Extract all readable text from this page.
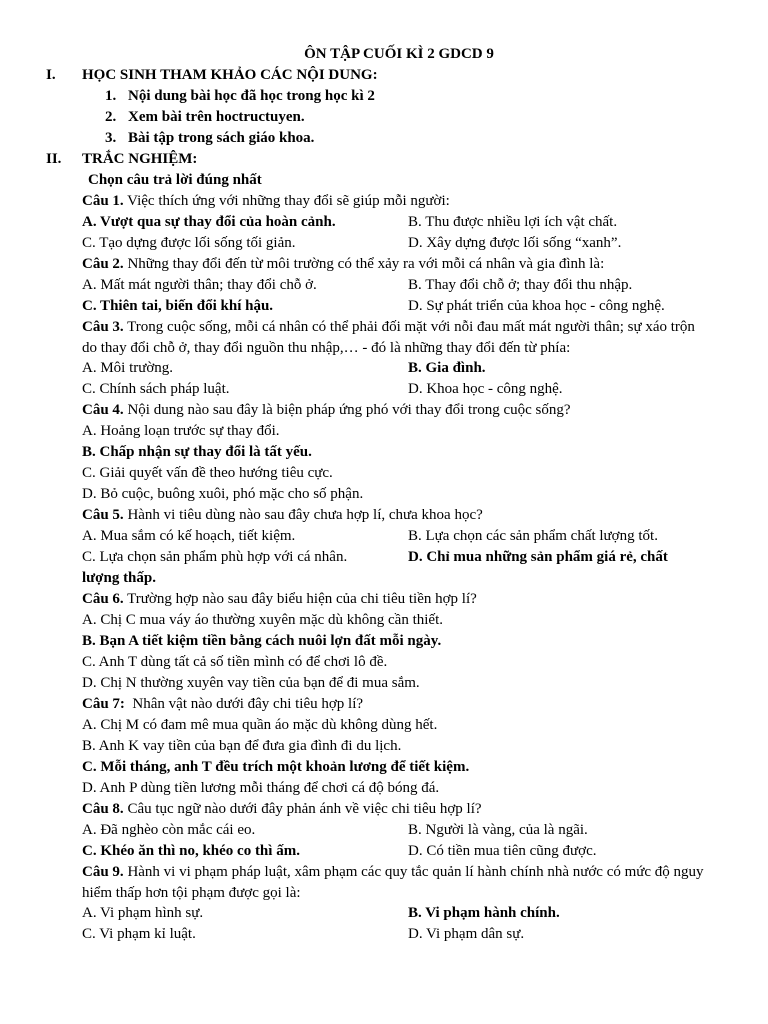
ÔN TẬP CUỐI KÌ 2 GDCD 9
I. HỌC SINH THAM KHẢO CÁC NỘI DUNG:
1. Nội dung bài học đã học trong học kì 2
2. Xem bài trên hoctructuyen.
3. Bài tập trong sách giáo khoa.
II. TRẮC NGHIỆM:
Chọn câu trả lời đúng nhất
Câu 1. Việc thích ứng với những thay đổi sẽ giúp mỗi người:
A. Vượt qua sự thay đổi của hoàn cảnh.	B. Thu được nhiều lợi ích vật chất.
C. Tạo dựng được lối sống tối giản.	D. Xây dựng được lối sống “xanh”.
Câu 2. Những thay đổi đến từ môi trường có thể xảy ra với mỗi cá nhân và gia đình là:
A. Mất mát người thân; thay đổi chỗ ở.	B. Thay đổi chỗ ở; thay đổi thu nhập.
C. Thiên tai, biến đổi khí hậu.	D. Sự phát triển của khoa học - công nghệ.
Câu 3. Trong cuộc sống, mỗi cá nhân có thể phải đối mặt với nỗi đau mất mát người thân; sự xáo trộn do thay đổi chỗ ở, thay đổi nguồn thu nhập,… - đó là những thay đổi đến từ phía:
A. Môi trường.	B. Gia đình.
C. Chính sách pháp luật.	D. Khoa học - công nghệ.
Câu 4. Nội dung nào sau đây là biện pháp ứng phó với thay đổi trong cuộc sống?
A. Hoảng loạn trước sự thay đổi.
B. Chấp nhận sự thay đổi là tất yếu.
C. Giải quyết vấn đề theo hướng tiêu cực.
D. Bỏ cuộc, buông xuôi, phó mặc cho số phận.
Câu 5. Hành vi tiêu dùng nào sau đây chưa hợp lí, chưa khoa học?
A. Mua sắm có kế hoạch, tiết kiệm.	B. Lựa chọn các sản phẩm chất lượng tốt.
C. Lựa chọn sản phẩm phù hợp với cá nhân.	D. Chỉ mua những sản phẩm giá rẻ, chất lượng thấp.
Câu 6. Trường hợp nào sau đây biểu hiện của chi tiêu tiền hợp lí?
A. Chị C mua váy áo thường xuyên mặc dù không cần thiết.
B. Bạn A tiết kiệm tiền bằng cách nuôi lợn đất mỗi ngày.
C. Anh T dùng tất cả số tiền mình có để chơi lô đề.
D. Chị N thường xuyên vay tiền của bạn để đi mua sắm.
Câu 7:  Nhân vật nào dưới đây chi tiêu hợp lí?
A. Chị M có đam mê mua quần áo mặc dù không dùng hết.
B. Anh K vay tiền của bạn để đưa gia đình đi du lịch.
C. Mỗi tháng, anh T đều trích một khoản lương để tiết kiệm.
D. Anh P dùng tiền lương mỗi tháng để chơi cá độ bóng đá.
Câu 8. Câu tục ngữ nào dưới đây phản ánh về việc chi tiêu hợp lí?
A. Đã nghèo còn mắc cái eo.	B. Người là vàng, của là ngãi.
C. Khéo ăn thì no, khéo co thì ấm.	D. Có tiền mua tiên cũng được.
Câu 9. Hành vi vi phạm pháp luật, xâm phạm các quy tắc quản lí hành chính nhà nước có mức độ nguy hiểm thấp hơn tội phạm được gọi là:
A. Vi phạm hình sự.	B. Vi phạm hành chính.
C. Vi phạm kỉ luật.	D. Vi phạm dân sự.
